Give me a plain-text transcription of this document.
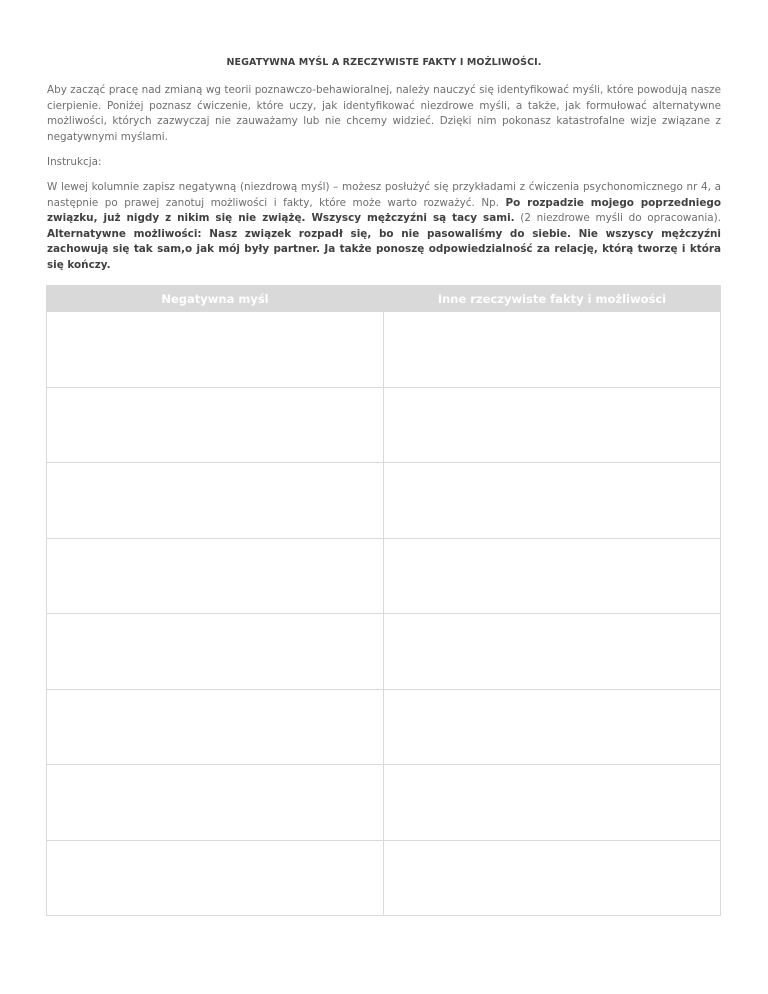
NEGATYWNA MYŚL A RZECZYWISTE FAKTY I MOŻLIWOŚCI.

Aby zacząć pracę nad zmianą wg teorii poznawczo-behawioralnej, należy nauczyć się identyfikować myśli, które powodują nasze cierpienie. Poniżej poznasz ćwiczenie, które uczy, jak identyfikować niezdrowe myśli, a także, jak formułować alternatywne możliwości, których zazwyczaj nie zauważamy lub nie chcemy widzieć. Dzięki nim pokonasz katastrofalne wizje związane z negatywnymi myślami.

Instrukcja:

W lewej kolumnie zapisz negatywną (niezdrową myśl) – możesz posłużyć się przykładami z ćwiczenia psychonomicznego nr 4, a następnie po prawej zanotuj możliwości i fakty, które może warto rozważyć. Np. Po rozpadzie mojego poprzedniego związku, już nigdy z nikim się nie zwiążę. Wszyscy mężczyźni są tacy sami. (2 niezdrowe myśli do opracowania). Alternatywne możliwości: Nasz związek rozpadł się, bo nie pasowaliśmy do siebie. Nie wszyscy mężczyźni zachowują się tak sam,o jak mój były partner. Ja także ponoszę odpowiedzialność za relację, którą tworzę i która się kończy.

Negatywna myśl	Inne rzeczywiste fakty i możliwości
